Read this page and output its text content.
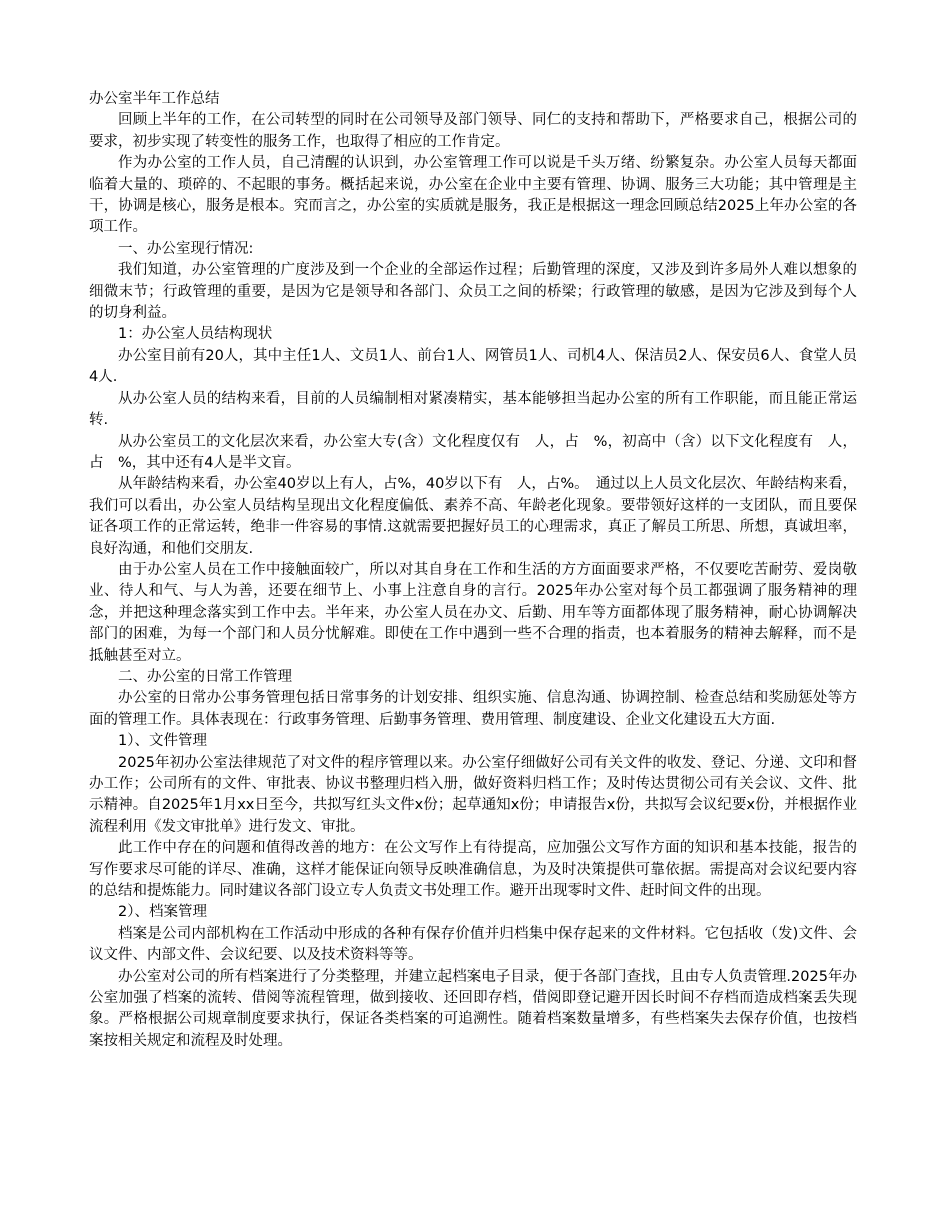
办公室半年工作总结

回顾上半年的工作，在公司转型的同时在公司领导及部门领导、同仁的支持和帮助下，严格要求自己，根据公司的要求，初步实现了转变性的服务工作，也取得了相应的工作肯定。

作为办公室的工作人员，自己清醒的认识到，办公室管理工作可以说是千头万绪、纷繁复杂。办公室人员每天都面临着大量的、琐碎的、不起眼的事务。概括起来说，办公室在企业中主要有管理、协调、服务三大功能；其中管理是主干，协调是核心，服务是根本。究而言之，办公室的实质就是服务，我正是根据这一理念回顾总结2025上年办公室的各项工作。

一、办公室现行情况:

我们知道，办公室管理的广度涉及到一个企业的全部运作过程；后勤管理的深度，又涉及到许多局外人难以想象的细微末节；行政管理的重要，是因为它是领导和各部门、众员工之间的桥梁；行政管理的敏感，是因为它涉及到每个人的切身利益。

1：办公室人员结构现状

办公室目前有20人，其中主任1人、文员1人、前台1人、网管员1人、司机4人、保洁员2人、保安员6人、食堂人员4人.

从办公室人员的结构来看，目前的人员编制相对紧凑精实，基本能够担当起办公室的所有工作职能，而且能正常运转.

从办公室员工的文化层次来看，办公室大专(含）文化程度仅有　人，占　%，初高中（含）以下文化程度有　人，占　%，其中还有4人是半文盲。

从年龄结构来看，办公室40岁以上有人，占%，40岁以下有　人，占%。　通过以上人员文化层次、年龄结构来看，我们可以看出，办公室人员结构呈现出文化程度偏低、素养不高、年龄老化现象。要带领好这样的一支团队，而且要保证各项工作的正常运转，绝非一件容易的事情.这就需要把握好员工的心理需求，真正了解员工所思、所想，真诚坦率，良好沟通，和他们交朋友.

由于办公室人员在工作中接触面较广，所以对其自身在工作和生活的方方面面要求严格，不仅要吃苦耐劳、爱岗敬业、待人和气、与人为善，还要在细节上、小事上注意自身的言行。2025年办公室对每个员工都强调了服务精神的理念，并把这种理念落实到工作中去。半年来，办公室人员在办文、后勤、用车等方面都体现了服务精神，耐心协调解决部门的困难，为每一个部门和人员分忧解难。即使在工作中遇到一些不合理的指责，也本着服务的精神去解释，而不是抵触甚至对立。

二、办公室的日常工作管理

办公室的日常办公事务管理包括日常事务的计划安排、组织实施、信息沟通、协调控制、检查总结和奖励惩处等方面的管理工作。具体表现在：行政事务管理、后勤事务管理、费用管理、制度建设、企业文化建设五大方面.

1）、文件管理

2025年初办公室法律规范了对文件的程序管理以来。办公室仔细做好公司有关文件的收发、登记、分递、文印和督办工作；公司所有的文件、审批表、协议书整理归档入册，做好资料归档工作；及时传达贯彻公司有关会议、文件、批示精神。自2025年1月xx日至今，共拟写红头文件x份；起草通知x份；申请报告x份，共拟写会议纪要x份，并根据作业流程利用《发文审批单》进行发文、审批。

此工作中存在的问题和值得改善的地方：在公文写作上有待提高，应加强公文写作方面的知识和基本技能，报告的写作要求尽可能的详尽、准确，这样才能保证向领导反映准确信息，为及时决策提供可靠依据。需提高对会议纪要内容的总结和提炼能力。同时建议各部门设立专人负责文书处理工作。避开出现零时文件、赶时间文件的出现。

2）、档案管理

档案是公司内部机构在工作活动中形成的各种有保存价值并归档集中保存起来的文件材料。它包括收（发)文件、会议文件、内部文件、会议纪要、以及技术资料等等。

办公室对公司的所有档案进行了分类整理，并建立起档案电子目录，便于各部门查找，且由专人负责管理.2025年办公室加强了档案的流转、借阅等流程管理，做到接收、还回即存档，借阅即登记避开因长时间不存档而造成档案丢失现象。严格根据公司规章制度要求执行，保证各类档案的可追溯性。随着档案数量增多，有些档案失去保存价值，也按档案按相关规定和流程及时处理。
